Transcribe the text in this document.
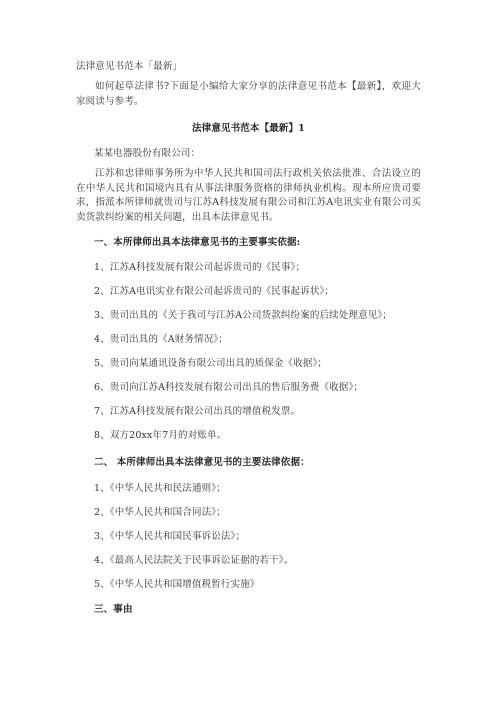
法律意见书范本「最新」
如何起草法律书?下面是小编给大家分享的法律意见书范本【最新】，欢迎大家阅读与参考。
法律意见书范本【最新】1
某某电器股份有限公司：
江苏和忠律师事务所为中华人民共和国司法行政机关依法批准、合法设立的在中华人民共和国境内具有从事法律服务资格的律师执业机构。现本所应贵司要求，指派本所律师就贵司与江苏A科技发展有限公司和江苏A电讯实业有限公司买卖货款纠纷案的相关问题，出具本法律意见书。
一、本所律师出具本法律意见书的主要事实依据:
1、江苏A科技发展有限公司起诉贵司的《民事》；
2、江苏A电讯实业有限公司起诉贵司的《民事起诉状》；
3、贵司出具的《关于我司与江苏A公司货款纠纷案的后续处理意见》；
4、贵司出具的《A财务情况》；
5、贵司向某通讯设备有限公司出具的质保金《收据》；
6、贵司向江苏A科技发展有限公司出具的售后服务费《收据》；
7、江苏A科技发展有限公司出具的增值税发票。
8、双方20xx年7月的对账单。
二、 本所律师出具本法律意见书的主要法律依据：
1、《中华人民共和民法通则》；
2、《中华人民共和国合同法》；
3、《中华人民共和国民事诉讼法》；
4、《最高人民法院关于民事诉讼证据的若干》。
5、《中华人民共和国增值税暂行实施》
三、事由
